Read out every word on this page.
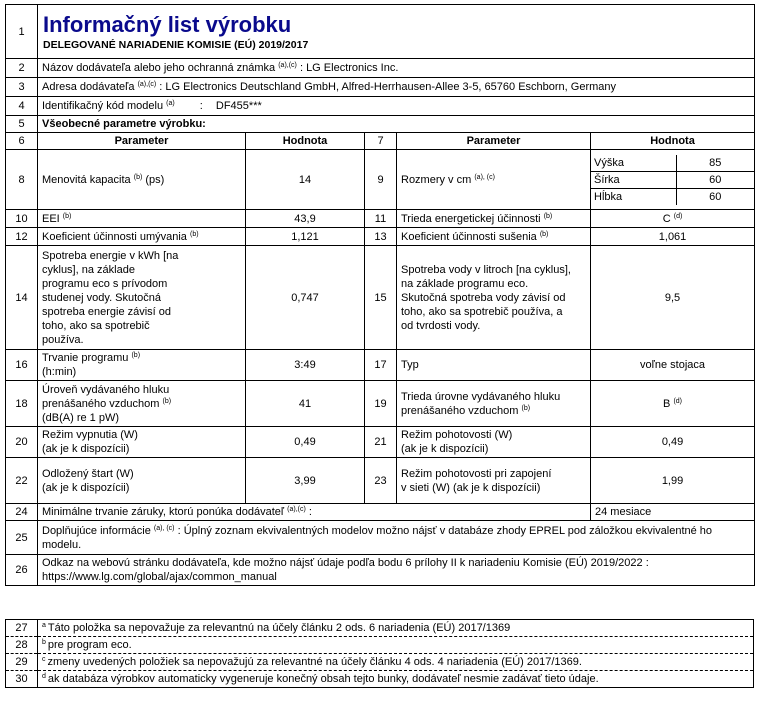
1	Informačný list výrobku
DELEGOVANÉ NARIADENIE KOMISIE (EÚ) 2019/2017

2	Názov dodávateľa alebo jeho ochranná známka $^{(a),(c)}$ : LG Electronics Inc.
3	Adresa dodávateľa $^{(a),(c)}$ : LG Electronics Deutschland GmbH, Alfred-Herrhausen-Allee 3-5, 65760 Eschborn, Germany
4	Identifikačný kód modelu $^{(a)}$ : DF455***
5	Všeobecné parametre výrobku:
6	Parameter	Hodnota	7	Parameter	Hodnota
8	Menovitá kapacita $^{(b)}$ (ps)	14	9	Rozmery v cm $^{(a), (c)}$	
Výška	85
Šírka	60
Hĺbka	60

10	EEI $^{(b)}$	43,9	11	Trieda energetickej účinnosti $^{(b)}$	C $^{(d)}$
12	Koeficient účinnosti umývania $^{(b)}$	1,121	13	Koeficient účinnosti sušenia $^{(b)}$	1,061
14	Spotreba energie v kWh [na cyklus], na základe programu eco s prívodom studenej vody. Skutočná spotreba energie závisí od toho, ako sa spotrebič používa.	0,747	15	Spotreba vody v litroch [na cyklus], na základe programu eco. Skutočná spotreba vody závisí od toho, ako sa spotrebič používa, a od tvrdosti vody.	9,5
16	Trvanie programu $^{(b)}$
(h:min)	3:49	17	Typ	voľne stojaca
18	Úroveň vydávaného hluku
prenášaného vzduchom $^{(b)}$
(dB(A) re 1 pW)	41	19	Trieda úrovne vydávaného hluku
prenášaného vzduchom $^{(b)}$	B $^{(d)}$
20	Režim vypnutia (W)
(ak je k dispozícii)	0,49	21	Režim pohotovosti (W)
(ak je k dispozícii)	0,49
22	Odložený štart (W)
(ak je k dispozícii)	3,99	23	Režim pohotovosti pri zapojení
v sieti (W) (ak je k dispozícii)	1,99
24	Minimálne trvanie záruky, ktorú ponúka dodávateľ $^{(a),(c)}$ :	24 mesiace
25	Doplňujúce informácie $^{(a), (c)}$ : Úplný zoznam ekvivalentných modelov možno nájsť v databáze zhody EPREL pod záložkou ekvivalentné ho modelu.
26	Odkaz na webovú stránku dodávateľa, kde možno nájsť údaje podľa bodu 6 prílohy II k nariadeniu Komisie (EÚ) 2019/2022 :
https://www.lg.com/global/ajax/common_manual
27	$^a$ Táto položka sa nepovažuje za relevantnú na účely článku 2 ods. 6 nariadenia (EÚ) 2017/1369
28	$^b$ pre program eco.
29	$^c$ zmeny uvedených položiek sa nepovažujú za relevantné na účely článku 4 ods. 4 nariadenia (EÚ) 2017/1369.
30	$^d$ ak databáza výrobkov automaticky vygeneruje konečný obsah tejto bunky, dodávateľ nesmie zadávať tieto údaje.
